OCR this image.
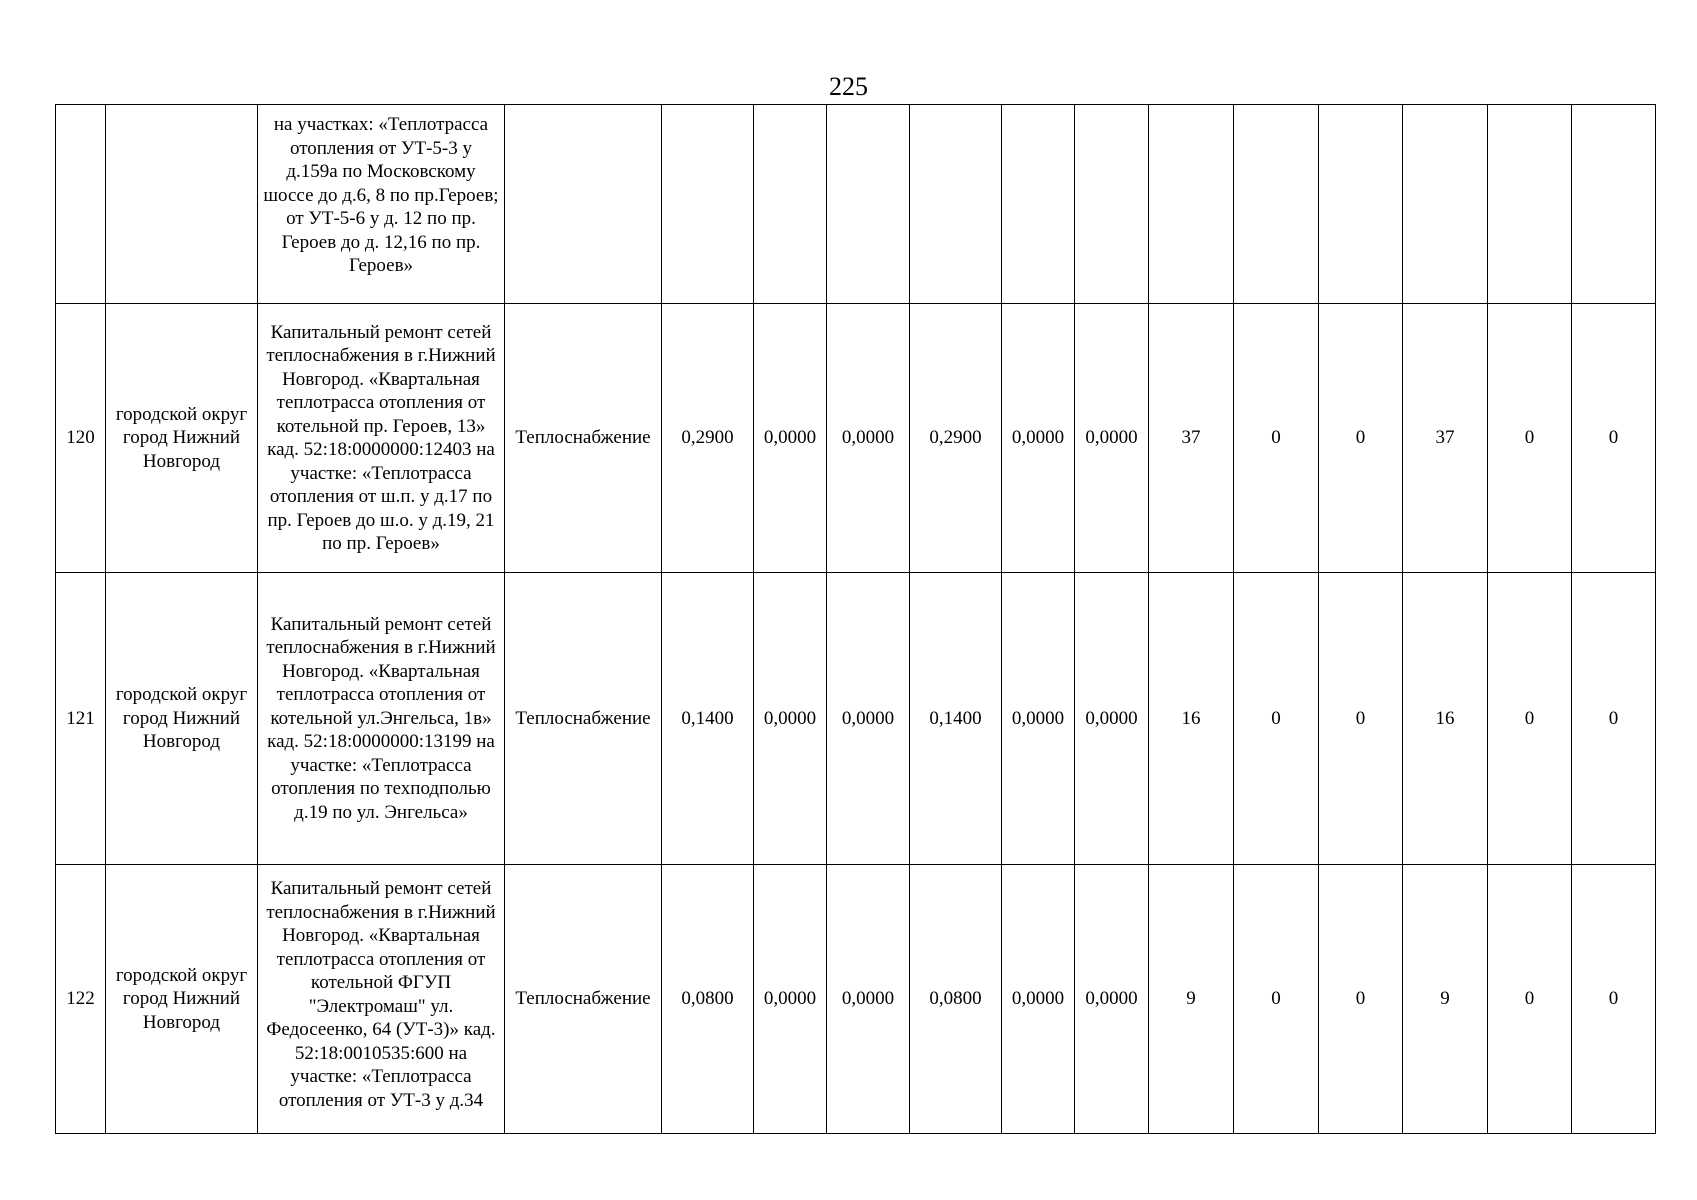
225
		на участках: «Теплотрасса отопления от УТ-5-3 у д.159а по Московскому шоссе до д.6, 8 по пр.Героев; от УТ-5-6 у д. 12 по пр. Героев до д. 12,16 по пр. Героев»													
120	городской округ город Нижний Новгород	Капитальный ремонт сетей теплоснабжения в г.Нижний Новгород. «Квартальная теплотрасса отопления от котельной пр. Героев, 13» кад. 52:18:0000000:12403 на участке: «Теплотрасса отопления от ш.п. у д.17 по пр. Героев до ш.о. у д.19, 21 по пр. Героев»	Теплоснабжение	0,2900	0,0000	0,0000	0,2900	0,0000	0,0000	37	0	0	37	0	0
121	городской округ город Нижний Новгород	Капитальный ремонт сетей теплоснабжения в г.Нижний Новгород. «Квартальная теплотрасса отопления от котельной ул.Энгельса, 1в» кад. 52:18:0000000:13199 на участке: «Теплотрасса отопления по техподполью д.19 по ул. Энгельса»	Теплоснабжение	0,1400	0,0000	0,0000	0,1400	0,0000	0,0000	16	0	0	16	0	0
122	городской округ город Нижний Новгород	Капитальный ремонт сетей теплоснабжения в г.Нижний Новгород. «Квартальная теплотрасса отопления от котельной ФГУП "Электромаш" ул. Федосеенко, 64 (УТ-3)» кад. 52:18:0010535:600 на участке: «Теплотрасса отопления от УТ-3 у д.34	Теплоснабжение	0,0800	0,0000	0,0000	0,0800	0,0000	0,0000	9	0	0	9	0	0
